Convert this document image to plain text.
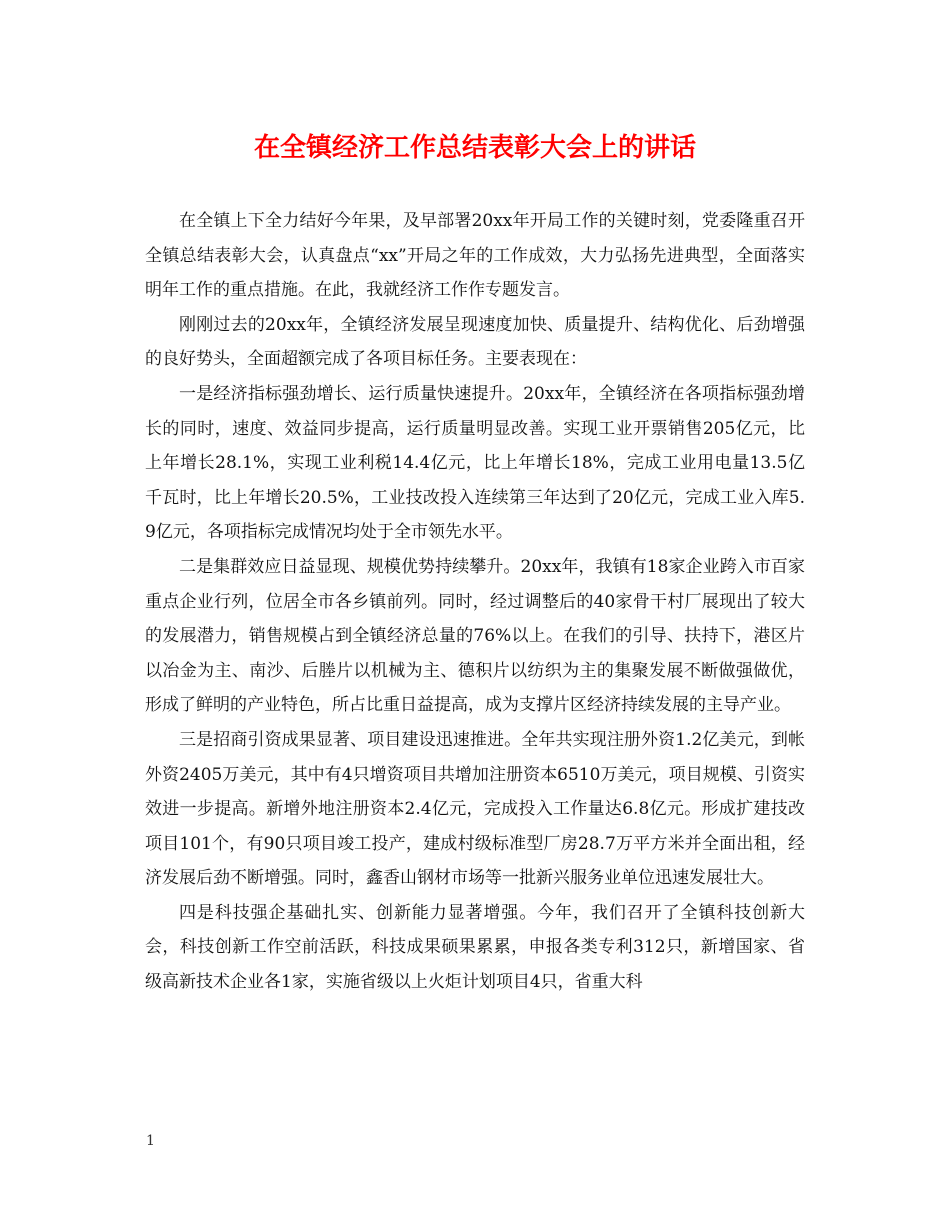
在全镇经济工作总结表彰大会上的讲话

在全镇上下全力结好今年果，及早部署20xx年开局工作的关键时刻，党委隆重召开全镇总结表彰大会，认真盘点“xx”开局之年的工作成效，大力弘扬先进典型，全面落实明年工作的重点措施。在此，我就经济工作作专题发言。

刚刚过去的20xx年，全镇经济发展呈现速度加快、质量提升、结构优化、后劲增强的良好势头，全面超额完成了各项目标任务。主要表现在：

一是经济指标强劲增长、运行质量快速提升。20xx年，全镇经济在各项指标强劲增长的同时，速度、效益同步提高，运行质量明显改善。实现工业开票销售205亿元，比上年增长28.1%，实现工业利税14.4亿元，比上年增长18%，完成工业用电量13.5亿千瓦时，比上年增长20.5%，工业技改投入连续第三年达到了20亿元，完成工业入库5.9亿元，各项指标完成情况均处于全市领先水平。

二是集群效应日益显现、规模优势持续攀升。20xx年，我镇有18家企业跨入市百家重点企业行列，位居全市各乡镇前列。同时，经过调整后的40家骨干村厂展现出了较大的发展潜力，销售规模占到全镇经济总量的76%以上。在我们的引导、扶持下，港区片以冶金为主、南沙、后塍片以机械为主、德积片以纺织为主的集聚发展不断做强做优，形成了鲜明的产业特色，所占比重日益提高，成为支撑片区经济持续发展的主导产业。

三是招商引资成果显著、项目建设迅速推进。全年共实现注册外资1.2亿美元，到帐外资2405万美元，其中有4只增资项目共增加注册资本6510万美元，项目规模、引资实效进一步提高。新增外地注册资本2.4亿元，完成投入工作量达6.8亿元。形成扩建技改项目101个，有90只项目竣工投产，建成村级标准型厂房28.7万平方米并全面出租，经济发展后劲不断增强。同时，鑫香山钢材市场等一批新兴服务业单位迅速发展壮大。

四是科技强企基础扎实、创新能力显著增强。今年，我们召开了全镇科技创新大会，科技创新工作空前活跃，科技成果硕果累累，申报各类专利312只，新增国家、省级高新技术企业各1家，实施省级以上火炬计划项目4只，省重大科

1
